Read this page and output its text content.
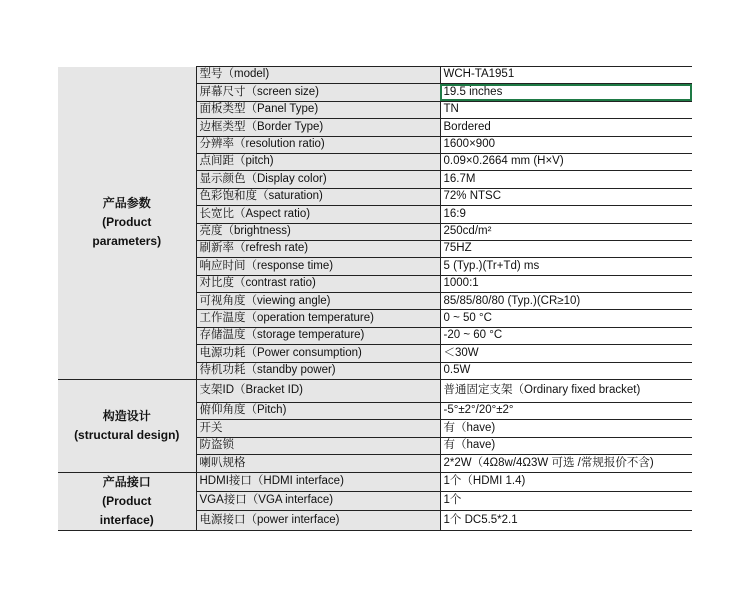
产品参数
(Product
parameters)	型号（model)	WCH-TA1951
	屏幕尺寸（screen size)	19.5 inches
	面板类型（Panel Type)	TN
	边框类型（Border Type)	Bordered
	分辨率（resolution ratio)	1600×900
	点间距（pitch)	0.09×0.2664 mm (H×V)
	显示颜色（Display color)	16.7M
	色彩饱和度（saturation)	72% NTSC
	长宽比（Aspect ratio)	16:9
	亮度（brightness)	250cd/m²
	刷新率（refresh rate)	75HZ
	响应时间（response time)	5 (Typ.)(Tr+Td) ms
	对比度（contrast ratio)	1000:1
	可视角度（viewing angle)	85/85/80/80 (Typ.)(CR≥10)
	工作温度（operation temperature)	0 ~ 50 °C
	存储温度（storage temperature)	-20 ~ 60 °C
	电源功耗（Power consumption)	＜30W
	待机功耗（standby power)	0.5W

构造设计
(structural design)	支架ID（Bracket ID)	普通固定支架（Ordinary fixed bracket)
	俯仰角度（Pitch)	-5°±2°/20°±2°
	开关	有（have)
	防盗锁	有（have)
	喇叭规格	2*2W（4Ω8w/4Ω3W 可选 /常规报价不含)

产品接口
(Product
interface)	HDMI接口（HDMI interface)	1个（HDMI 1.4)
	VGA接口（VGA interface)	1个
	电源接口（power interface)	1个 DC5.5*2.1
